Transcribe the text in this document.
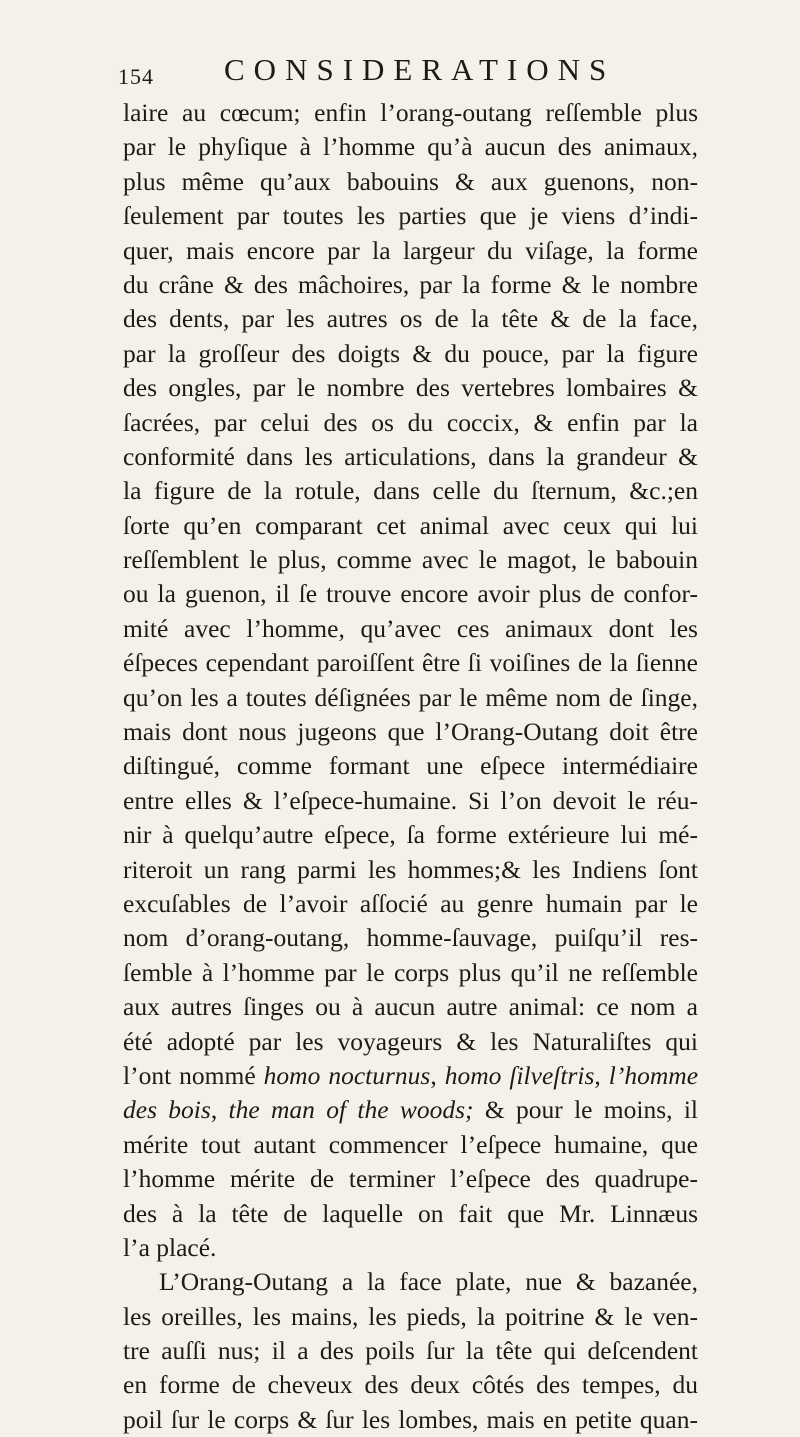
154 CONSIDERATIONS
laire au cœcum; enfin l’orang-outang reſſemble plus
par le phyſique à l’homme qu’à aucun des animaux,
plus même qu’aux babouins & aux guenons, non-
ſeulement par toutes les parties que je viens d’indi-
quer, mais encore par la largeur du viſage, la forme
du crâne & des mâchoires, par la forme & le nombre
des dents, par les autres os de la tête & de la face,
par la groſſeur des doigts & du pouce, par la figure
des ongles, par le nombre des vertebres lombaires &
ſacrées, par celui des os du coccix, & enfin par la
conformité dans les articulations, dans la grandeur &
la figure de la rotule, dans celle du ſternum, &c.;en
ſorte qu’en comparant cet animal avec ceux qui lui
reſſemblent le plus, comme avec le magot, le babouin
ou la guenon, il ſe trouve encore avoir plus de confor-
mité avec l’homme, qu’avec ces animaux dont les
éſpeces cependant paroiſſent être ſi voiſines de la ſienne
qu’on les a toutes déſignées par le même nom de ſinge,
mais dont nous jugeons que l’Orang-Outang doit être
diſtingué, comme formant une eſpece intermédiaire
entre elles & l’eſpece-humaine. Si l’on devoit le réu-
nir à quelqu’autre eſpece, ſa forme extérieure lui mé-
riteroit un rang parmi les hommes;& les Indiens ſont
excuſables de l’avoir aſſocié au genre humain par le
nom d’orang-outang, homme-ſauvage, puiſqu’il res-
ſemble à l’homme par le corps plus qu’il ne reſſemble
aux autres ſinges ou à aucun autre animal: ce nom a
été adopté par les voyageurs & les Naturaliſtes qui
l’ont nommé homo nocturnus, homo ſilveſtris, l’homme
des bois, the man of the woods; & pour le moins, il
mérite tout autant commencer l’eſpece humaine, que
l’homme mérite de terminer l’eſpece des quadrupe-
des à la tête de laquelle on fait que Mr. Linnæus
l’a placé.
L’Orang-Outang a la face plate, nue & bazanée,
les oreilles, les mains, les pieds, la poitrine & le ven-
tre auſſi nus; il a des poils ſur la tête qui deſcendent
en forme de cheveux des deux côtés des tempes, du
poil ſur le corps & ſur les lombes, mais en petite quan-
